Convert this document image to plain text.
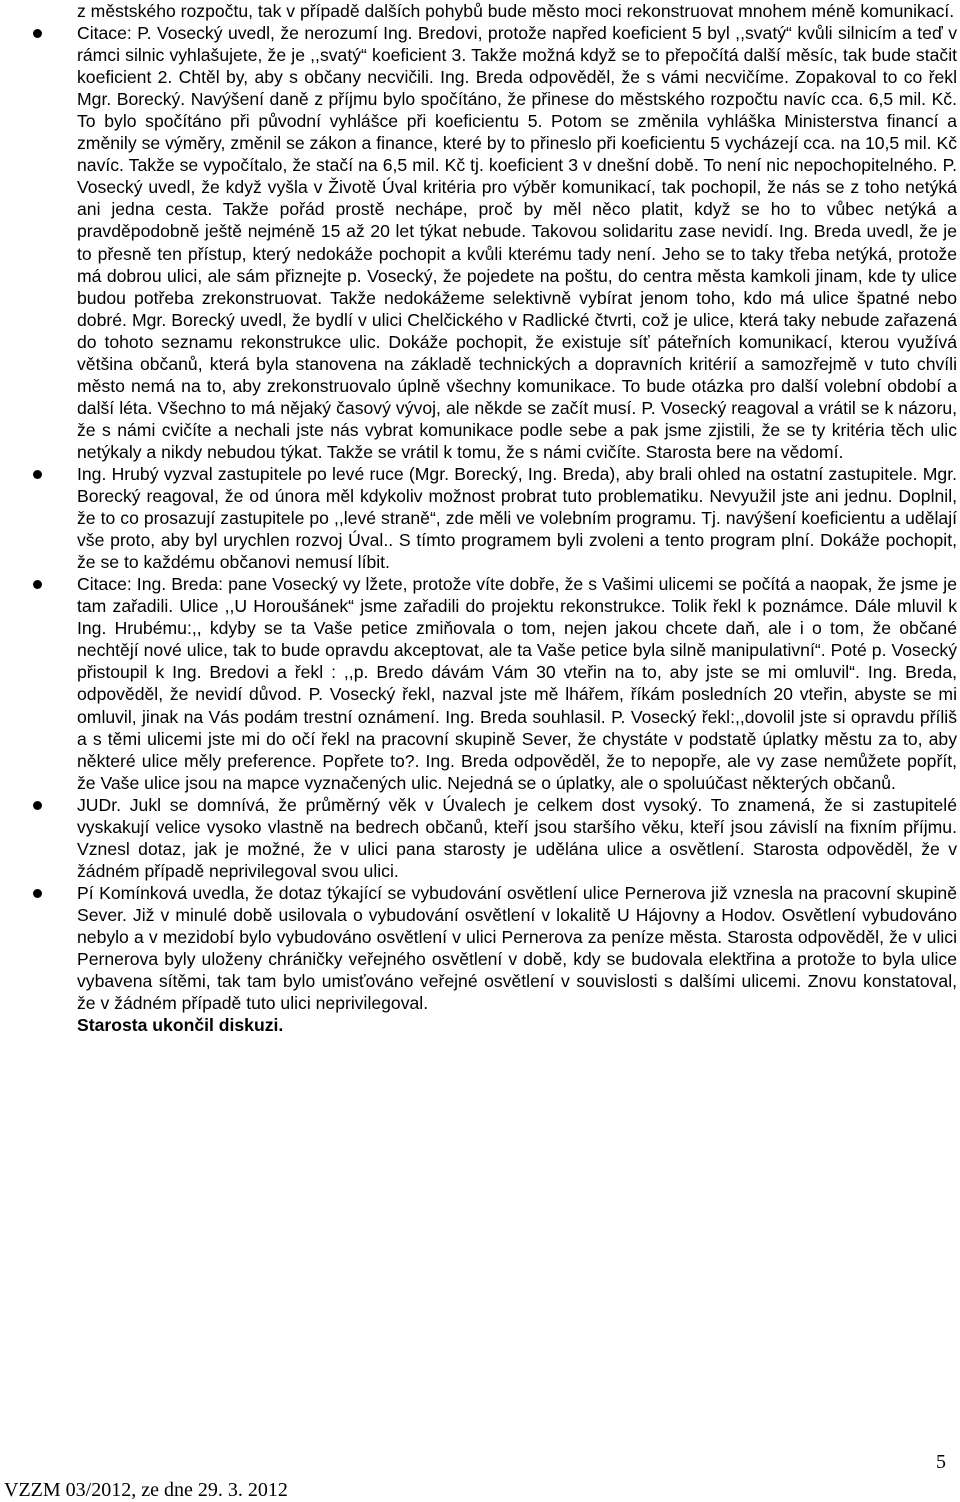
z městského rozpočtu, tak v případě dalších pohybů bude město moci rekonstruovat mnohem méně komunikací.

Citace: P. Vosecký uvedl, že nerozumí Ing. Bredovi, protože napřed koeficient 5 byl ,,svatý“ kvůli silnicím a teď v rámci silnic vyhlašujete, že je ,,svatý“ koeficient 3. Takže možná když se to přepočítá další měsíc, tak bude stačit koeficient 2. Chtěl by, aby s občany necvičili. Ing. Breda odpověděl, že s vámi necvičíme. Zopakoval to co řekl Mgr. Borecký. Navýšení daně z příjmu bylo spočítáno, že přinese do městského rozpočtu navíc cca. 6,5 mil. Kč. To bylo spočítáno při původní vyhlášce při koeficientu 5. Potom se změnila vyhláška Ministerstva financí a změnily se výměry, změnil se zákon a finance, které by to přineslo při koeficientu 5 vycházejí cca. na 10,5 mil. Kč navíc. Takže se vypočítalo, že stačí na 6,5 mil. Kč tj. koeficient 3 v dnešní době. To není nic nepochopitelného. P. Vosecký uvedl, že když vyšla v Životě Úval kritéria pro výběr komunikací, tak pochopil, že nás se z toho netýká ani jedna cesta. Takže pořád prostě nechápe, proč by měl něco platit, když se ho to vůbec netýká a pravděpodobně ještě nejméně 15 až 20 let týkat nebude. Takovou solidaritu zase nevidí. Ing. Breda uvedl, že je to přesně ten přístup, který nedokáže pochopit a kvůli kterému tady není. Jeho se to taky třeba netýká, protože má dobrou ulici, ale sám přiznejte p. Vosecký, že pojedete na poštu, do centra města kamkoli jinam, kde ty ulice budou potřeba zrekonstruovat. Takže nedokážeme selektivně vybírat jenom toho, kdo má ulice špatné nebo dobré. Mgr. Borecký uvedl, že bydlí v ulici Chelčického v Radlické čtvrti, což je ulice, která taky nebude zařazená do tohoto seznamu rekonstrukce ulic. Dokáže pochopit, že existuje síť páteřních komunikací, kterou využívá většina občanů, která byla stanovena na základě technických a dopravních kritérií a samozřejmě v tuto chvíli město nemá na to, aby zrekonstruovalo úplně všechny komunikace. To bude otázka pro další volební období a další léta. Všechno to má nějaký časový vývoj, ale někde se začít musí. P. Vosecký reagoval a vrátil se k názoru, že s námi cvičíte a nechali jste nás vybrat komunikace podle sebe a pak jsme zjistili, že se ty kritéria těch ulic netýkaly a nikdy nebudou týkat. Takže se vrátil k tomu, že s námi cvičíte. Starosta bere na vědomí.

Ing. Hrubý vyzval zastupitele po levé ruce (Mgr. Borecký, Ing. Breda), aby brali ohled na ostatní zastupitele. Mgr. Borecký reagoval, že od února měl kdykoliv možnost probrat tuto problematiku. Nevyužil jste ani jednu. Doplnil, že to co prosazují zastupitele po ,,levé straně“, zde měli ve volebním programu. Tj. navýšení koeficientu a udělají vše proto, aby byl urychlen rozvoj Úval.. S tímto programem byli zvoleni a tento program plní. Dokáže pochopit, že se to každému občanovi nemusí líbit.

Citace: Ing. Breda: pane Vosecký vy lžete, protože víte dobře, že s Vašimi ulicemi se počítá a naopak, že jsme je tam zařadili. Ulice ,,U Horoušánek“ jsme zařadili do projektu rekonstrukce. Tolik řekl k poznámce. Dále mluvil k Ing. Hrubému:,, kdyby se ta Vaše petice zmiňovala o tom, nejen jakou chcete daň, ale i o tom, že občané nechtějí nové ulice, tak to bude opravdu akceptovat, ale ta Vaše petice byla silně manipulativní“. Poté p. Vosecký přistoupil k Ing. Bredovi a řekl : ,,p. Bredo dávám Vám 30 vteřin na to, aby jste se mi omluvil“. Ing. Breda, odpověděl, že nevidí důvod. P. Vosecký řekl, nazval jste mě lhářem, říkám posledních 20 vteřin, abyste se mi omluvil, jinak na Vás podám trestní oznámení. Ing. Breda souhlasil. P. Vosecký řekl:,,dovolil jste si opravdu příliš a s těmi ulicemi jste mi do očí řekl na pracovní skupině Sever, že chystáte v podstatě úplatky městu za to, aby některé ulice měly preference. Popřete to?. Ing. Breda odpověděl, že to nepopře, ale vy zase nemůžete popřít, že Vaše ulice jsou na mapce vyznačených ulic. Nejedná se o úplatky, ale o spoluúčast některých občanů.

JUDr. Jukl se domnívá, že průměrný věk v Úvalech je celkem dost vysoký. To znamená, že si zastupitelé vyskakují velice vysoko vlastně na bedrech občanů, kteří jsou staršího věku, kteří jsou závislí na fixním příjmu. Vznesl dotaz, jak je možné, že v ulici pana starosty je udělána ulice a osvětlení. Starosta odpověděl, že v žádném případě neprivilegoval svou ulici.

Pí Komínková uvedla, že dotaz týkající se vybudování osvětlení ulice Pernerova již vznesla na pracovní skupině Sever. Již v minulé době usilovala o vybudování osvětlení v lokalitě U Hájovny a Hodov. Osvětlení vybudováno nebylo a v mezidobí bylo vybudováno osvětlení v ulici Pernerova za peníze města. Starosta odpověděl, že v ulici Pernerova byly uloženy chráničky veřejného osvětlení v době, kdy se budovala elektřina a protože to byla ulice vybavena sítěmi, tak tam bylo umisťováno veřejné osvětlení v souvislosti s dalšími ulicemi. Znovu konstatoval, že v žádném případě tuto ulici neprivilegoval.

Starosta ukončil diskuzi.

5
VZZM 03/2012, ze dne 29. 3. 2012
